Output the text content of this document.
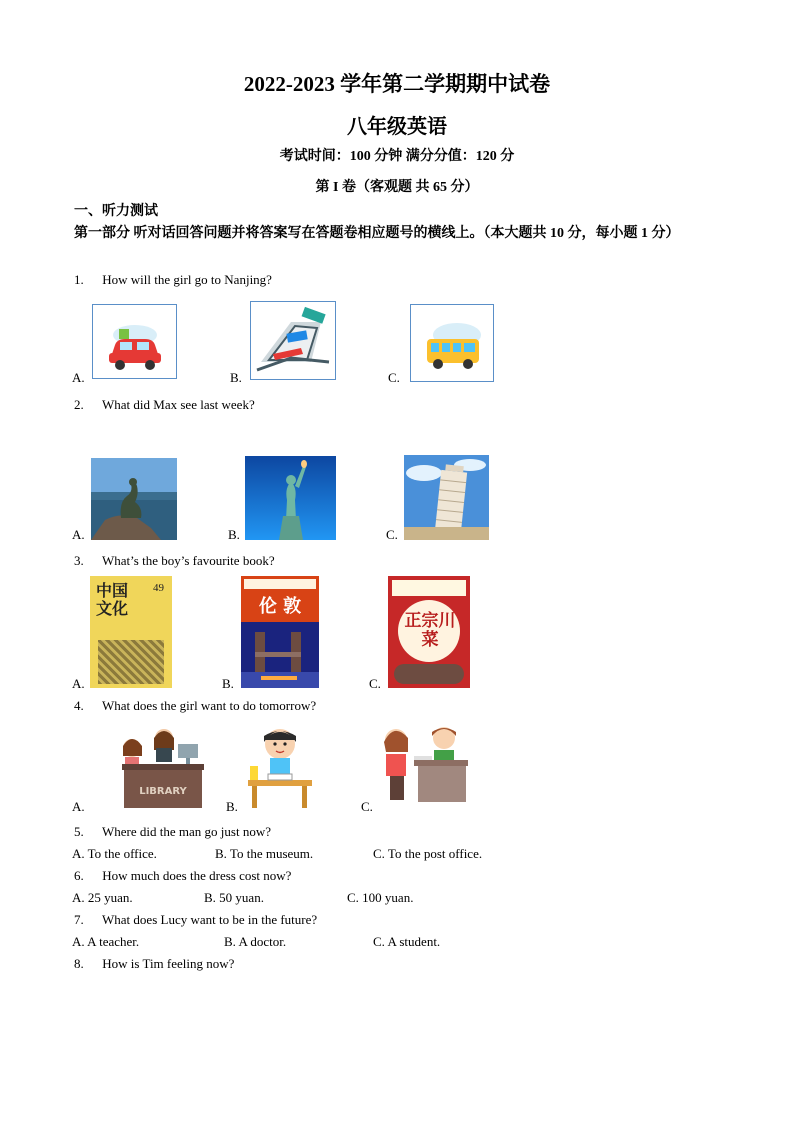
2022-2023 学年第二学期期中试卷
八年级英语
考试时间：100 分钟 满分分值：120 分
第 I 卷（客观题 共 65 分）
一、听力测试
第一部分 听对话回答问题并将答案写在答题卷相应题号的横线上。（本大题共 10 分，每小题 1 分）
1. How will the girl go to Nanjing?
A.	B.	C.
2. What did Max see last week?
A.	B.	C.
3. What’s the boy’s favourite book?
A.	B.	C.
中国文化
49
伦 敦
正宗川菜
4. What does the girl want to do tomorrow?
A.	B.	C.
LIBRARY
5. Where did the man go just now?
A. To the office.	B. To the museum.	C. To the post office.
6. How much does the dress cost now?
A. 25 yuan.	B. 50 yuan.	C. 100 yuan.
7. What does Lucy want to be in the future?
A. A teacher.	B. A doctor.	C. A student.
8. How is Tim feeling now?
